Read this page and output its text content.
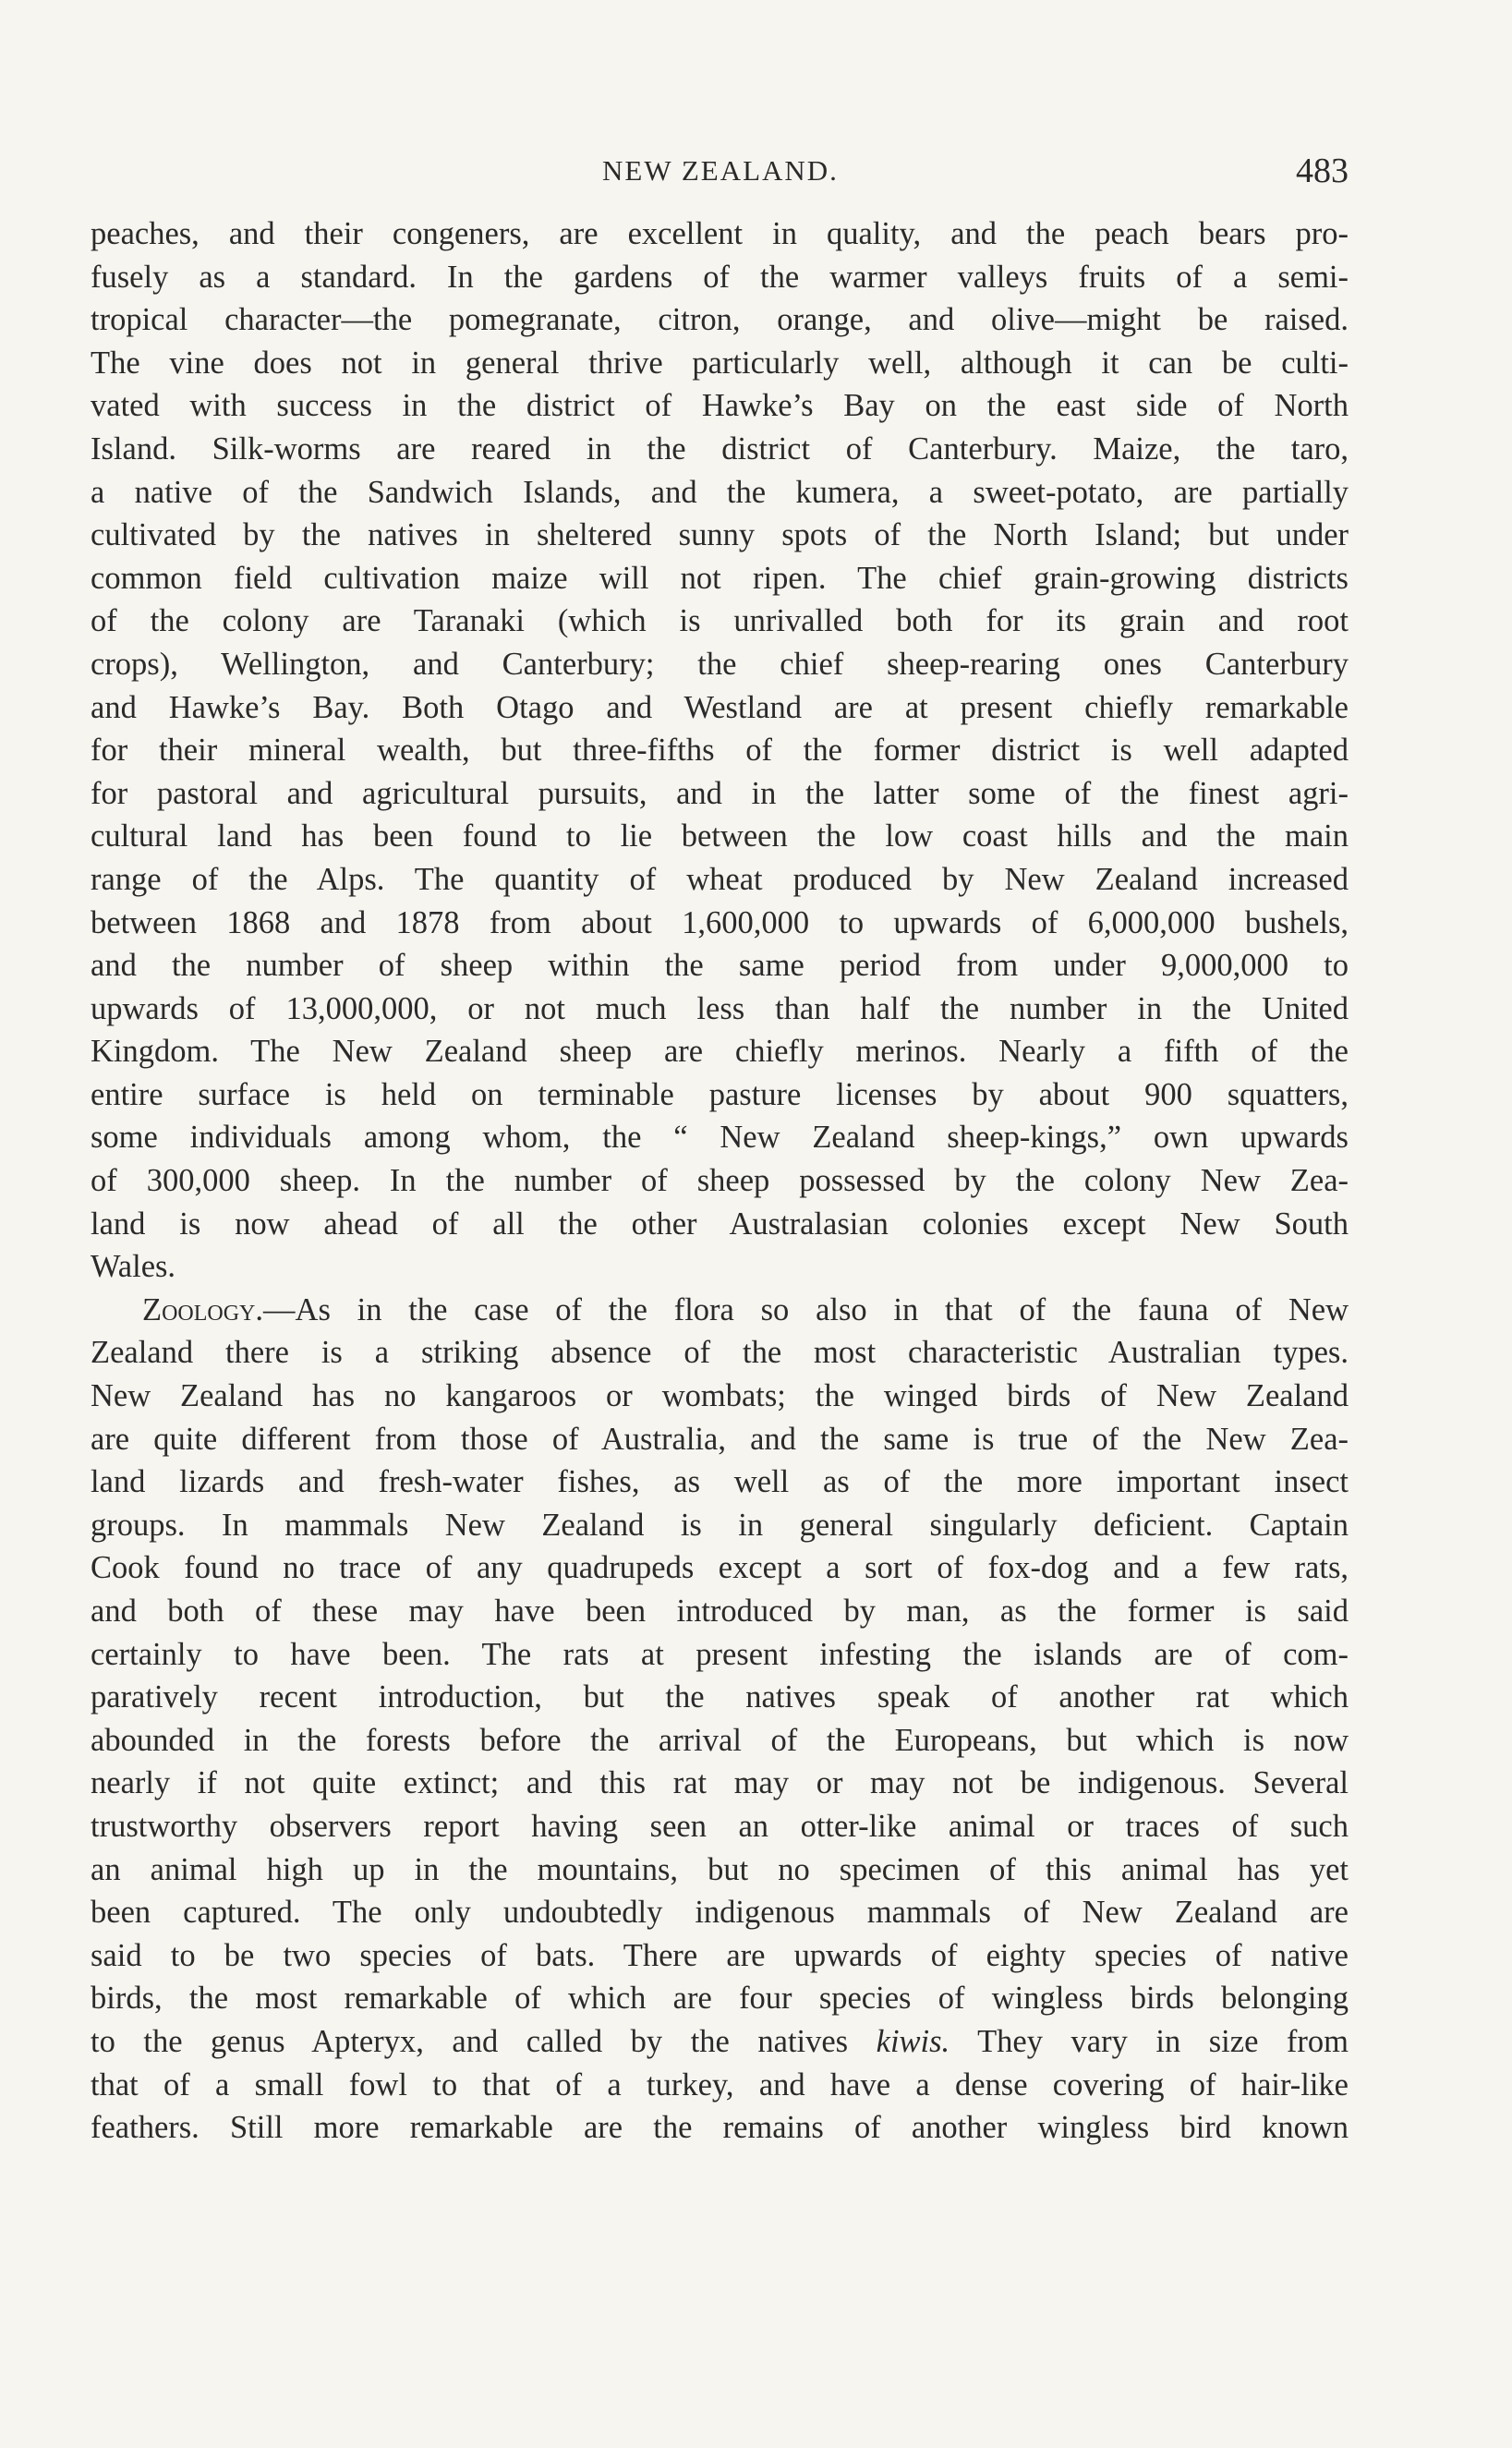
NEW ZEALAND.	483
peaches, and their congeners, are excellent in quality, and the peach bears pro-
fusely as a standard. In the gardens of the warmer valleys fruits of a semi-
tropical character—the pomegranate, citron, orange, and olive—might be raised.
The vine does not in general thrive particularly well, although it can be culti-
vated with success in the district of Hawke’s Bay on the east side of North
Island. Silk-worms are reared in the district of Canterbury. Maize, the taro,
a native of the Sandwich Islands, and the kumera, a sweet-potato, are partially
cultivated by the natives in sheltered sunny spots of the North Island; but under
common field cultivation maize will not ripen. The chief grain-growing districts
of the colony are Taranaki (which is unrivalled both for its grain and root
crops), Wellington, and Canterbury; the chief sheep-rearing ones Canterbury
and Hawke’s Bay. Both Otago and Westland are at present chiefly remarkable
for their mineral wealth, but three-fifths of the former district is well adapted
for pastoral and agricultural pursuits, and in the latter some of the finest agri-
cultural land has been found to lie between the low coast hills and the main
range of the Alps. The quantity of wheat produced by New Zealand increased
between 1868 and 1878 from about 1,600,000 to upwards of 6,000,000 bushels,
and the number of sheep within the same period from under 9,000,000 to
upwards of 13,000,000, or not much less than half the number in the United
Kingdom. The New Zealand sheep are chiefly merinos. Nearly a fifth of the
entire surface is held on terminable pasture licenses by about 900 squatters,
some individuals among whom, the “ New Zealand sheep-kings,” own upwards
of 300,000 sheep. In the number of sheep possessed by the colony New Zea-
land is now ahead of all the other Australasian colonies except New South
Wales.
Zoology.—As in the case of the flora so also in that of the fauna of New
Zealand there is a striking absence of the most characteristic Australian types.
New Zealand has no kangaroos or wombats; the winged birds of New Zealand
are quite different from those of Australia, and the same is true of the New Zea-
land lizards and fresh-water fishes, as well as of the more important insect
groups. In mammals New Zealand is in general singularly deficient. Captain
Cook found no trace of any quadrupeds except a sort of fox-dog and a few rats,
and both of these may have been introduced by man, as the former is said
certainly to have been. The rats at present infesting the islands are of com-
paratively recent introduction, but the natives speak of another rat which
abounded in the forests before the arrival of the Europeans, but which is now
nearly if not quite extinct; and this rat may or may not be indigenous. Several
trustworthy observers report having seen an otter-like animal or traces of such
an animal high up in the mountains, but no specimen of this animal has yet
been captured. The only undoubtedly indigenous mammals of New Zealand are
said to be two species of bats. There are upwards of eighty species of native
birds, the most remarkable of which are four species of wingless birds belonging
to the genus Apteryx, and called by the natives kiwis. They vary in size from
that of a small fowl to that of a turkey, and have a dense covering of hair-like
feathers. Still more remarkable are the remains of another wingless bird known
